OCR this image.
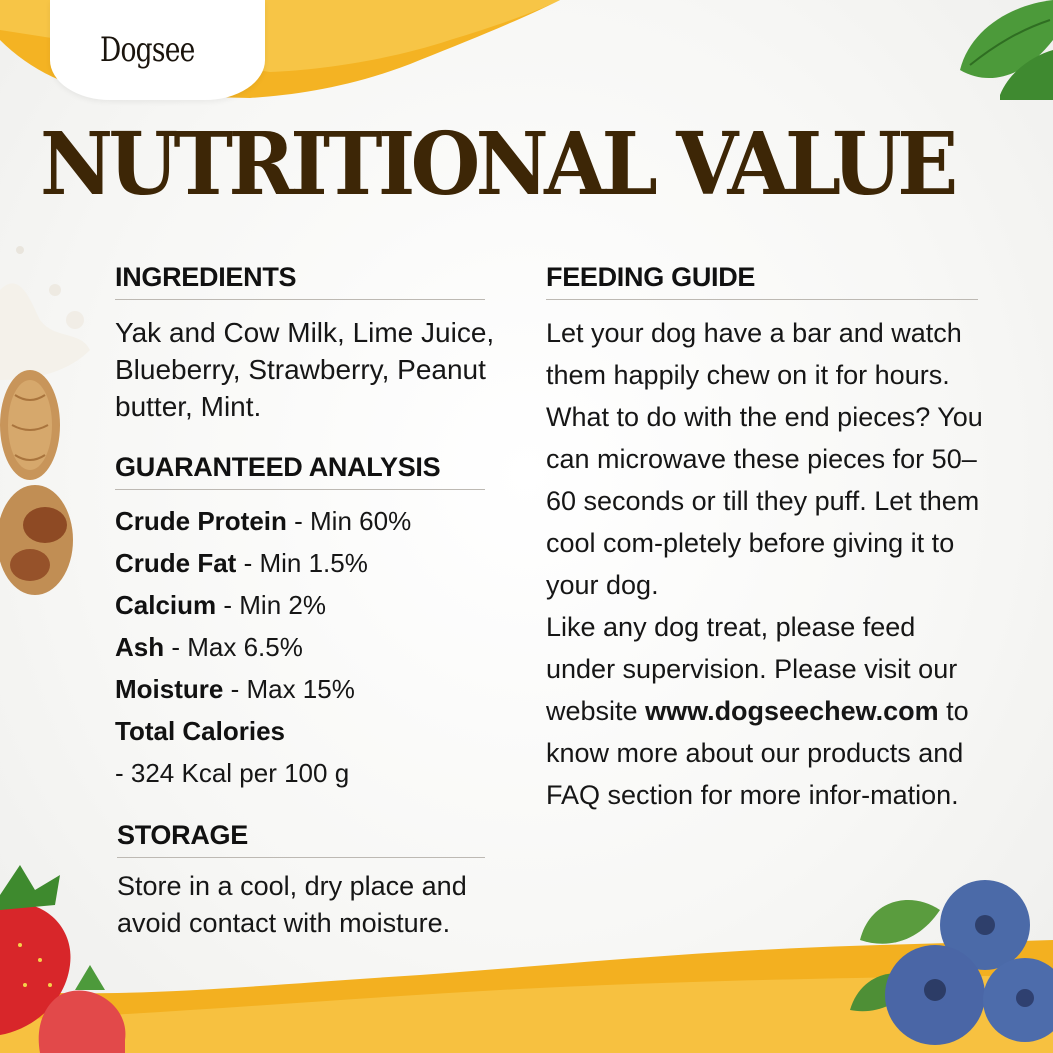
Dogsee
NUTRITIONAL VALUE
INGREDIENTS
Yak and Cow Milk, Lime Juice, Blueberry, Strawberry, Peanut butter, Mint.
GUARANTEED ANALYSIS
Crude Protein - Min 60%
Crude Fat - Min 1.5%
Calcium - Min 2%
Ash - Max 6.5%
Moisture - Max 15%
Total Calories
- 324 Kcal per 100 g
STORAGE
Store in a cool, dry place and avoid contact with moisture.
FEEDING GUIDE
Let your dog have a bar and watch them happily chew on it for hours. What to do with the end pieces? You can microwave these pieces for 50–60 seconds or till they puff. Let them cool com-pletely before giving it to your dog.
Like any dog treat, please feed under supervision. Please visit our website www.dogseechew.com to know more about our products and FAQ section for more infor-mation.
